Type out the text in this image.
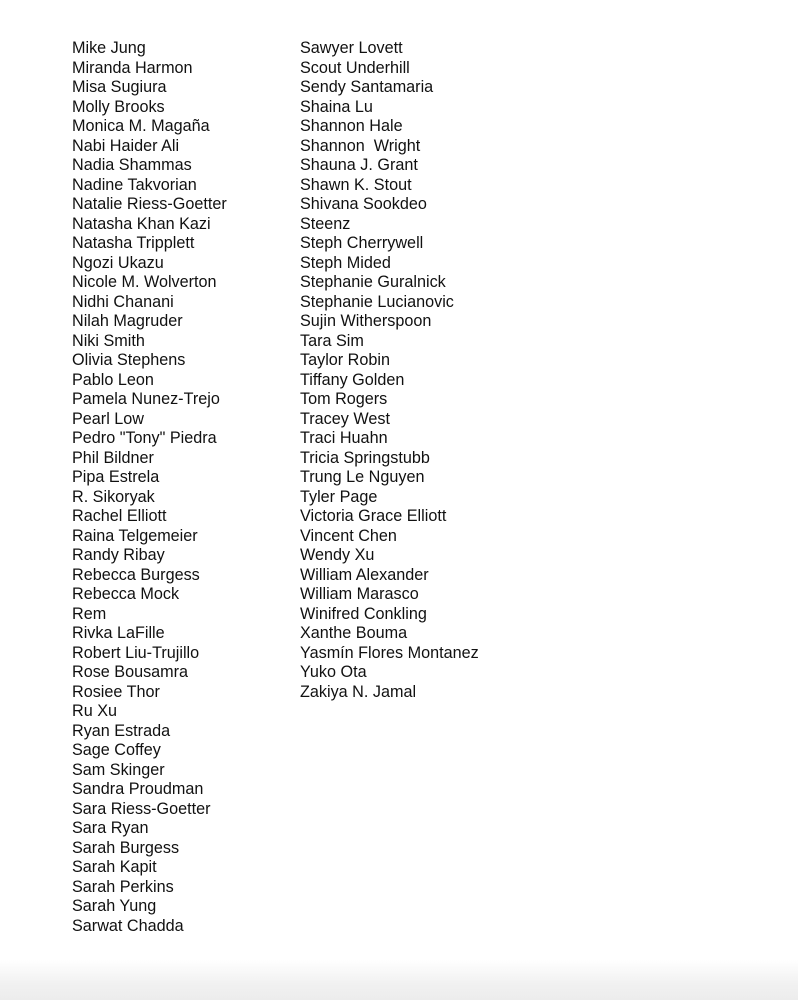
Mike Jung
Miranda Harmon
Misa Sugiura
Molly Brooks
Monica M. Magaña
Nabi Haider Ali
Nadia Shammas
Nadine Takvorian
Natalie Riess-Goetter
Natasha Khan Kazi
Natasha Tripplett
Ngozi Ukazu
Nicole M. Wolverton
Nidhi Chanani
Nilah Magruder
Niki Smith
Olivia Stephens
Pablo Leon
Pamela Nunez-Trejo
Pearl Low
Pedro "Tony" Piedra
Phil Bildner
Pipa Estrela
R. Sikoryak
Rachel Elliott
Raina Telgemeier
Randy Ribay
Rebecca Burgess
Rebecca Mock
Rem
Rivka LaFille
Robert Liu-Trujillo
Rose Bousamra
Rosiee Thor
Ru Xu
Ryan Estrada
Sage Coffey
Sam Skinger
Sandra Proudman
Sara Riess-Goetter
Sara Ryan
Sarah Burgess
Sarah Kapit
Sarah Perkins
Sarah Yung
Sarwat Chadda
Sawyer Lovett
Scout Underhill
Sendy Santamaria
Shaina Lu
Shannon Hale
Shannon  Wright
Shauna J. Grant
Shawn K. Stout
Shivana Sookdeo
Steenz
Steph Cherrywell
Steph Mided
Stephanie Guralnick
Stephanie Lucianovic
Sujin Witherspoon
Tara Sim
Taylor Robin
Tiffany Golden
Tom Rogers
Tracey West
Traci Huahn
Tricia Springstubb
Trung Le Nguyen
Tyler Page
Victoria Grace Elliott
Vincent Chen
Wendy Xu
William Alexander
William Marasco
Winifred Conkling
Xanthe Bouma
Yasmín Flores Montanez
Yuko Ota
Zakiya N. Jamal
